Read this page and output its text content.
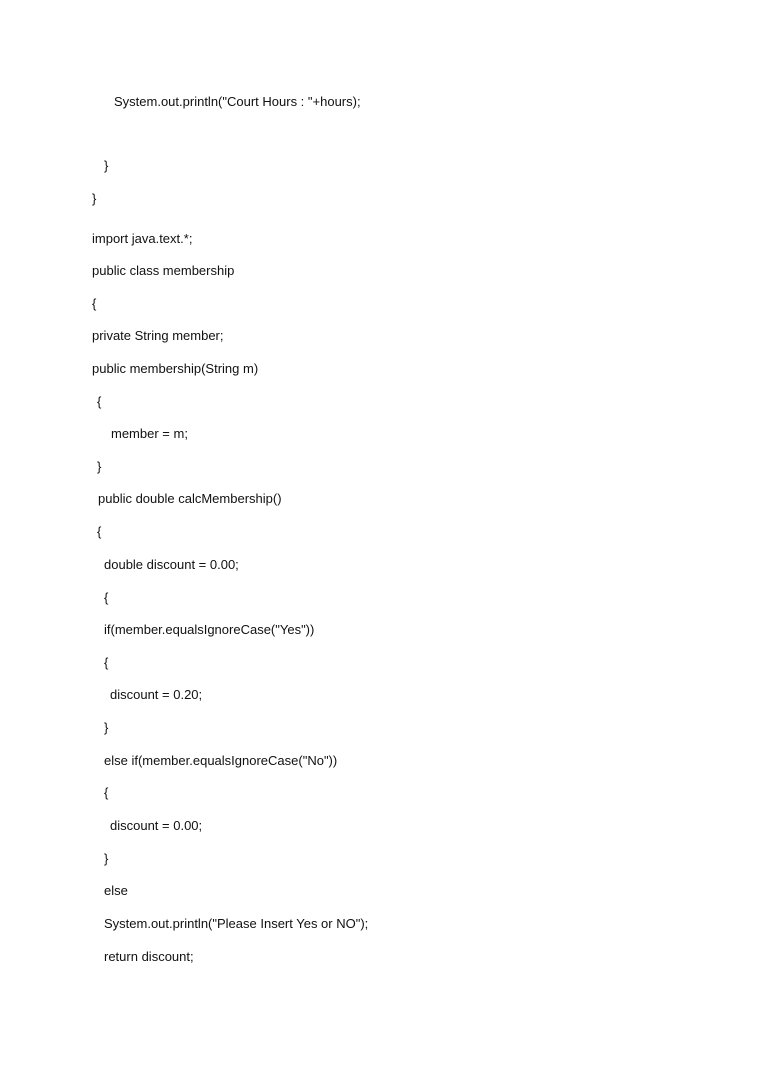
System.out.println("Court Hours : "+hours);
}
}
import java.text.*;
public class membership
{
private String member;
public membership(String m)
{
member = m;
}
public double calcMembership()
{
double discount = 0.00;
{
if(member.equalsIgnoreCase("Yes"))
{
discount = 0.20;
}
else if(member.equalsIgnoreCase("No"))
{
discount = 0.00;
}
else
System.out.println("Please Insert Yes or NO");
return discount;
